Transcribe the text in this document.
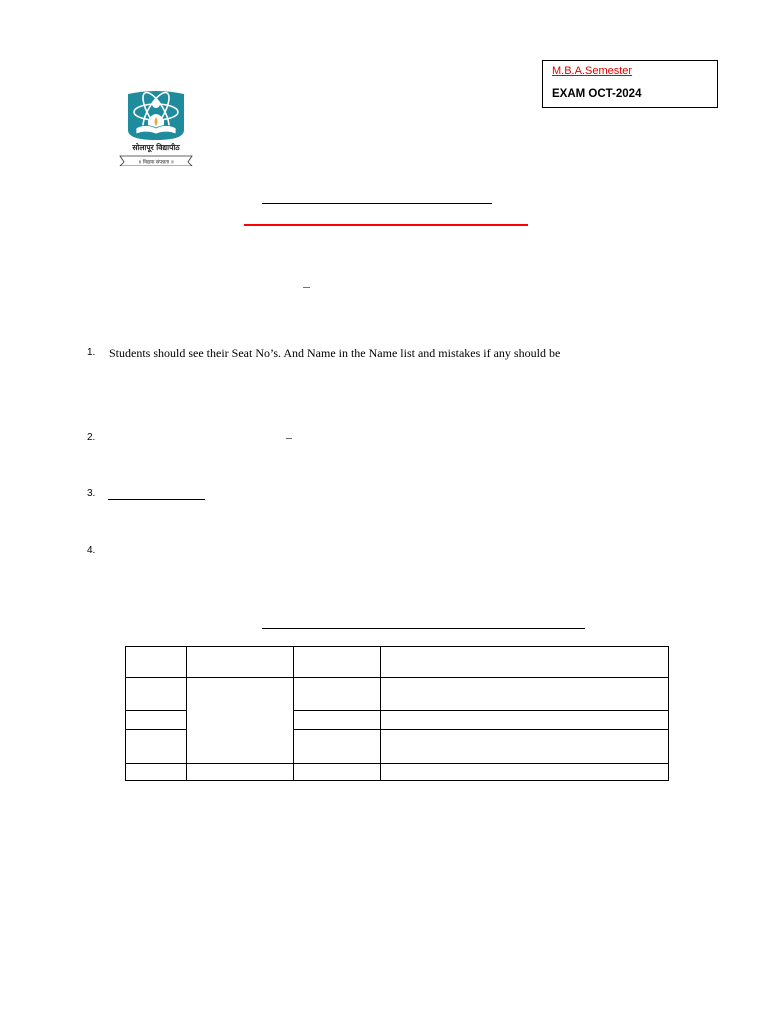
M.B.A.Semester
EXAM OCT-2024
सोलापूर विद्यापीठ
॥ विद्यया संपन्नता ॥
1. Students should see their Seat No’s. And Name in the Name list and mistakes if any should be
2.	–
3.
4.
